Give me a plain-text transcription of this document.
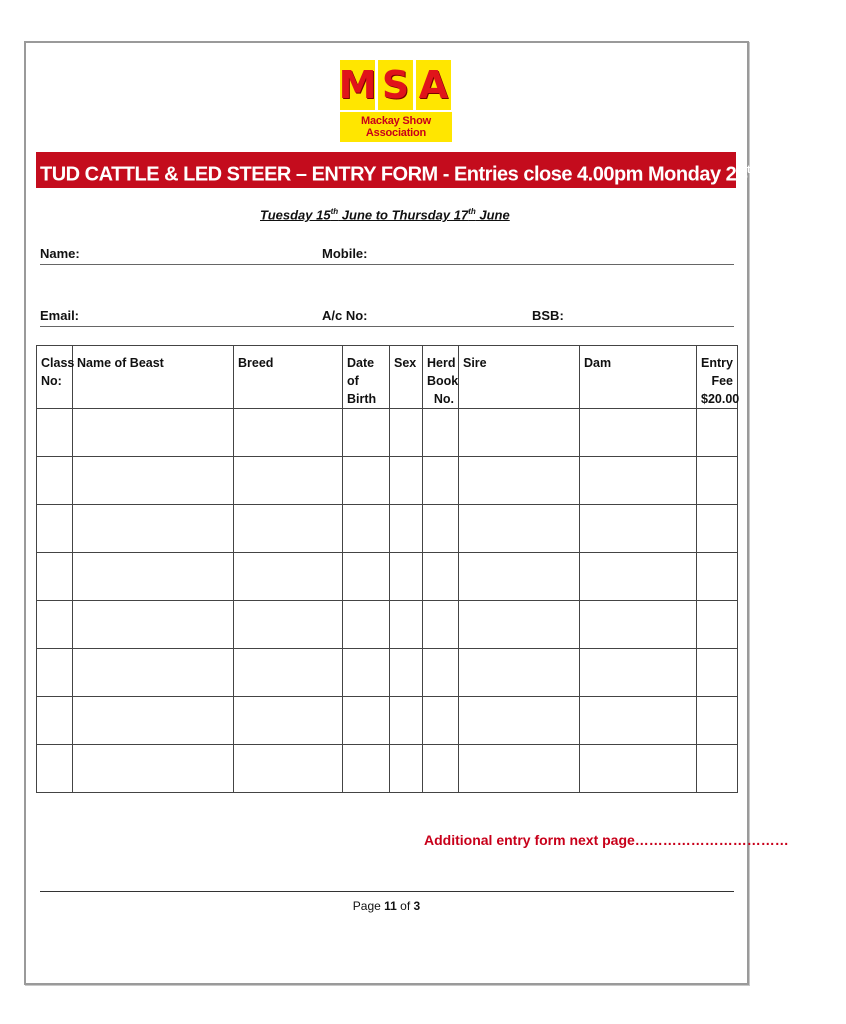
M S A
Mackay Show Association
TUD CATTLE & LED STEER – ENTRY FORM - Entries close 4.00pm Monday 24th May 2021
Tuesday 15th June to Thursday 17th June
Name:	Mobile:
Email:	A/c No:	BSB:
Class No:	Name of Beast	Breed	Date of Birth	Sex	Herd Book No.	Sire	Dam	Entry Fee $20.00

Additional entry form next page……………………………
Page 11 of 3
